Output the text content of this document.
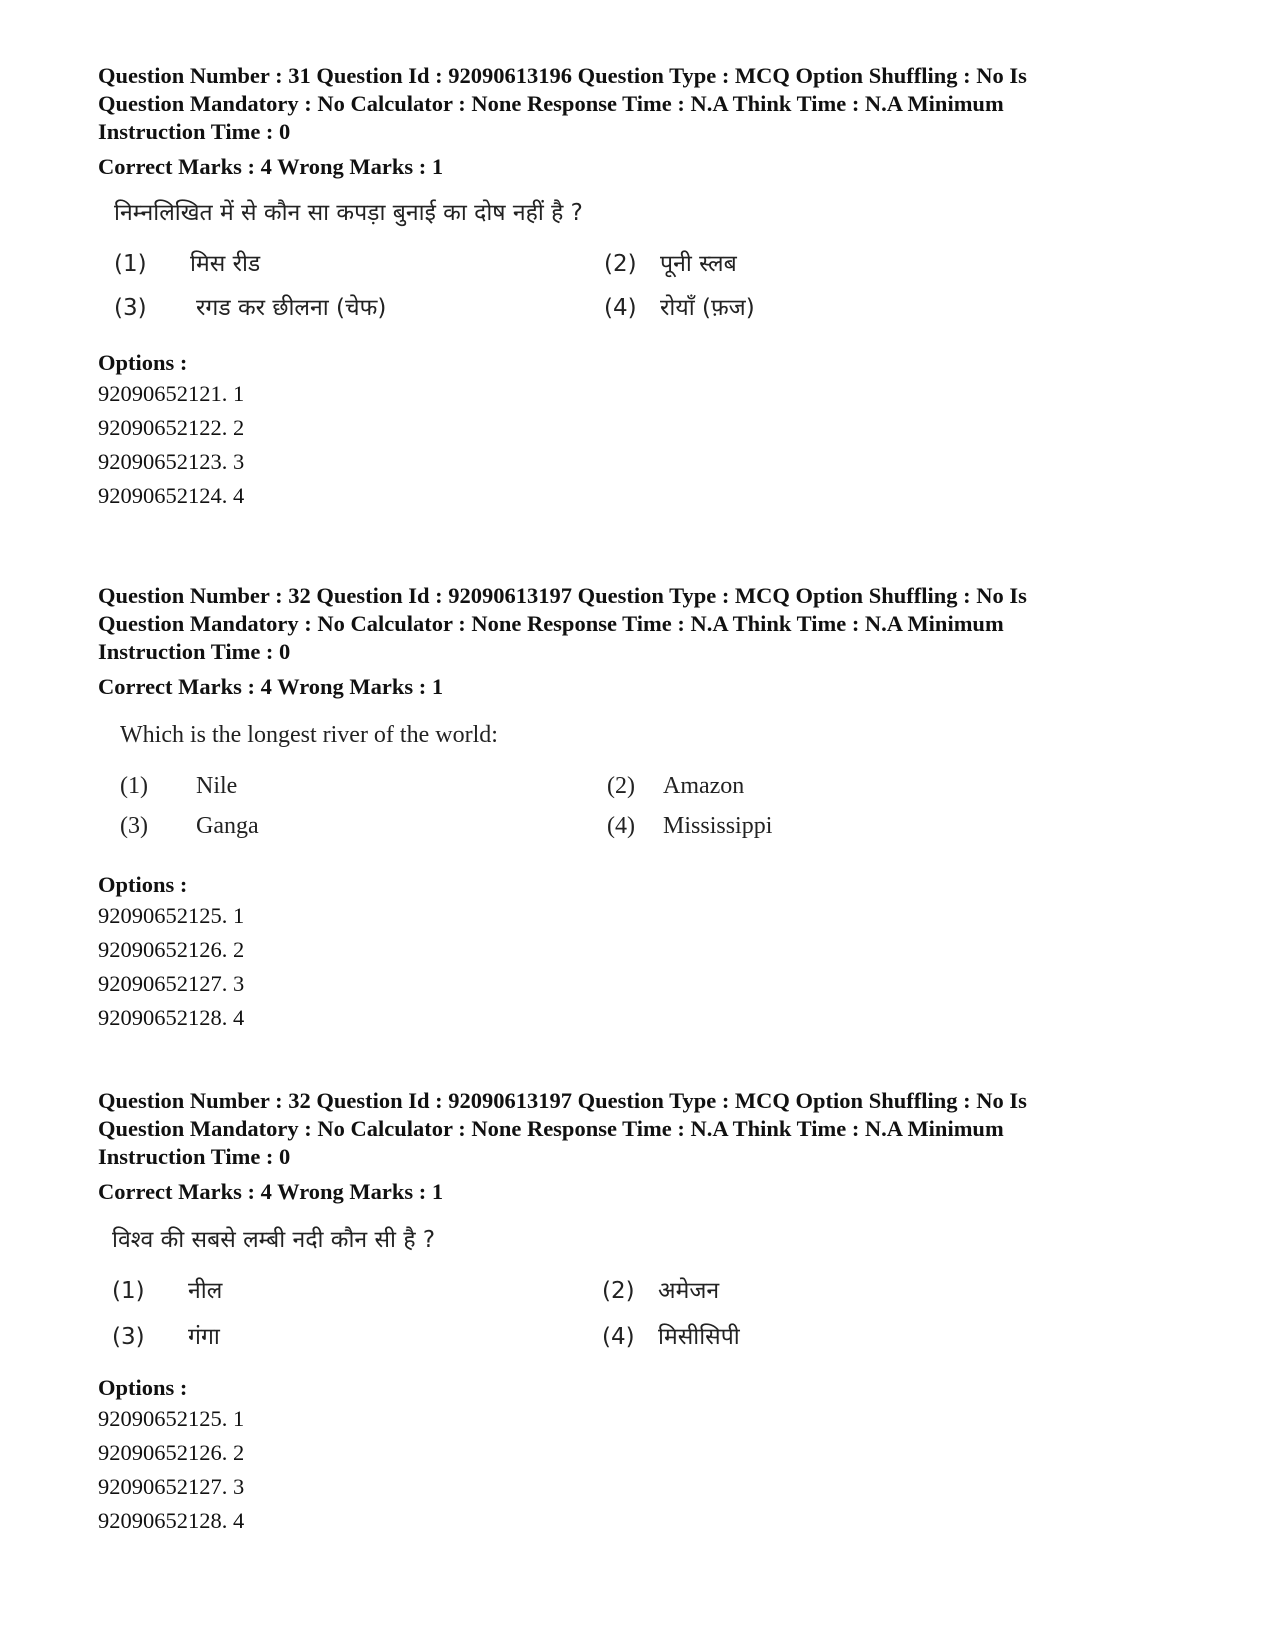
Question Number : 31 Question Id : 92090613196 Question Type : MCQ Option Shuffling : No Is
Question Mandatory : No Calculator : None Response Time : N.A Think Time : N.A Minimum
Instruction Time : 0
Correct Marks : 4 Wrong Marks : 1
निम्नलिखित में से कौन सा कपड़ा बुनाई का दोष नहीं है ?
(1)	मिस रीड	(2)	पूनी स्लब
(3)	रगड कर छीलना (चेफ)	(4)	रोयाँ (फ़ज)
Options :
92090652121. 1
92090652122. 2
92090652123. 3
92090652124. 4
Question Number : 32 Question Id : 92090613197 Question Type : MCQ Option Shuffling : No Is
Question Mandatory : No Calculator : None Response Time : N.A Think Time : N.A Minimum
Instruction Time : 0
Correct Marks : 4 Wrong Marks : 1
Which is the longest river of the world:
(1)	Nile	(2)	Amazon
(3)	Ganga	(4)	Mississippi
Options :
92090652125. 1
92090652126. 2
92090652127. 3
92090652128. 4
Question Number : 32 Question Id : 92090613197 Question Type : MCQ Option Shuffling : No Is
Question Mandatory : No Calculator : None Response Time : N.A Think Time : N.A Minimum
Instruction Time : 0
Correct Marks : 4 Wrong Marks : 1
विश्व की सबसे लम्बी नदी कौन सी है ?
(1)	नील	(2)	अमेजन
(3)	गंगा	(4)	मिसीसिपी
Options :
92090652125. 1
92090652126. 2
92090652127. 3
92090652128. 4
